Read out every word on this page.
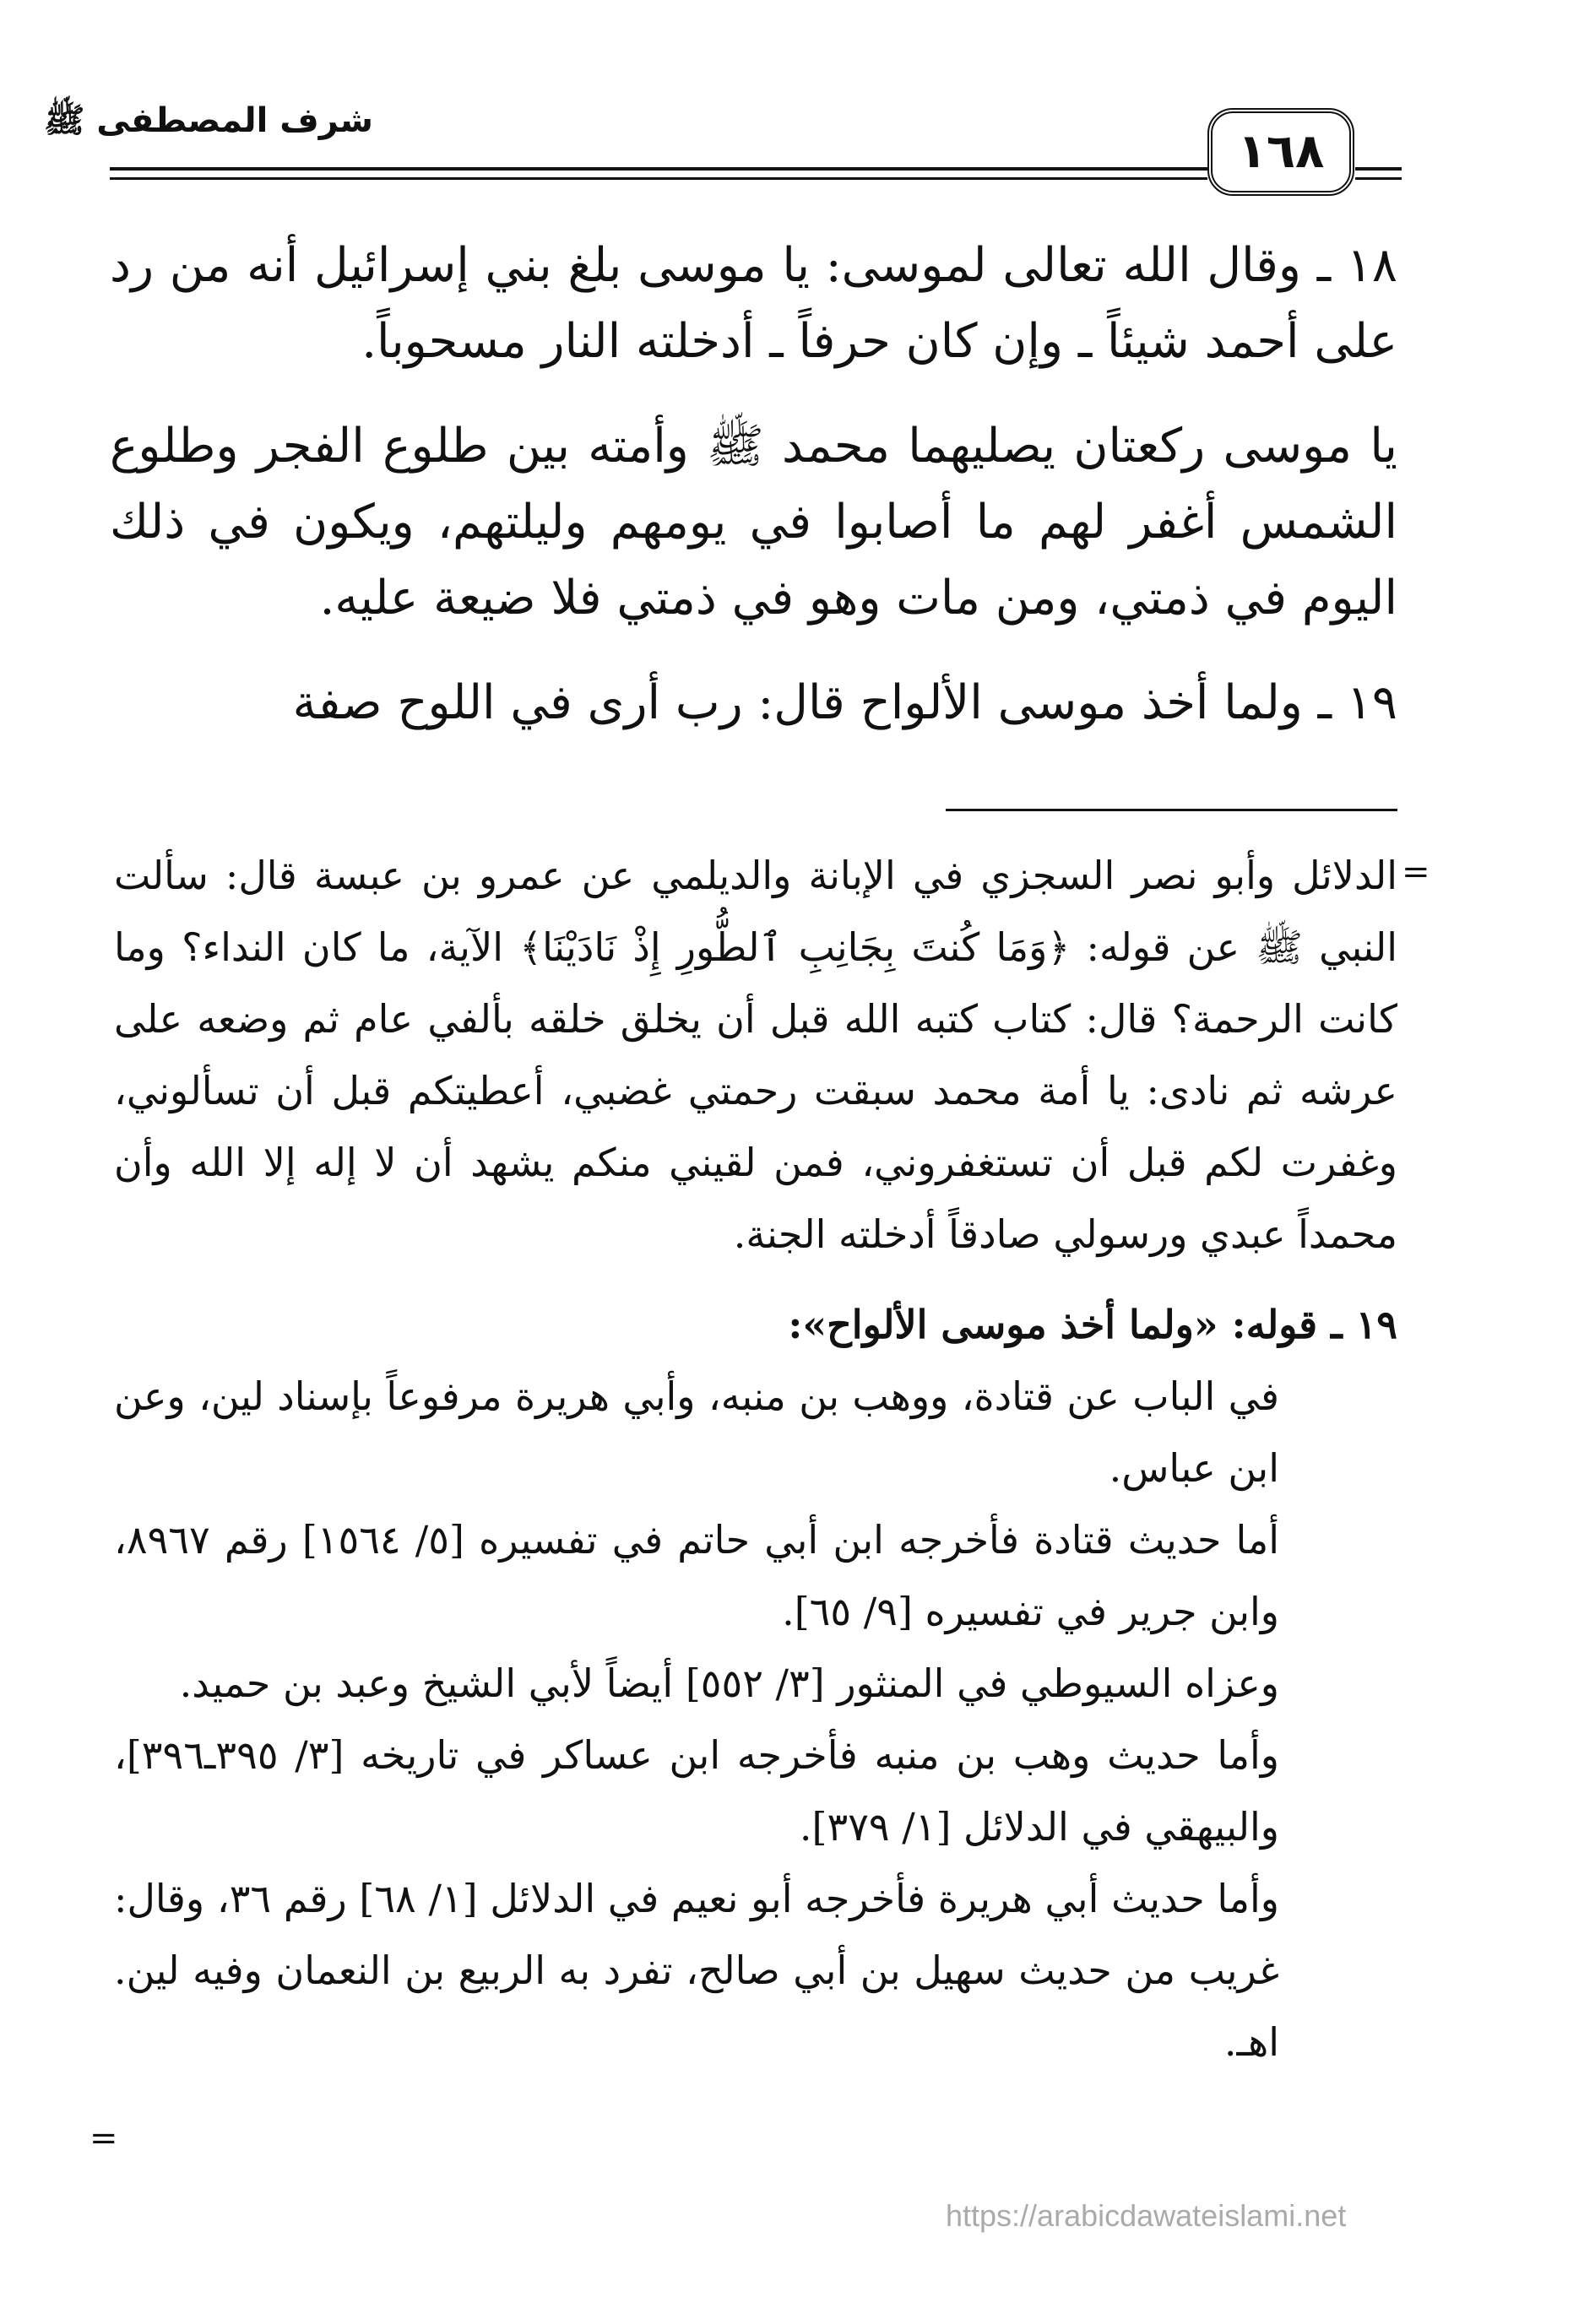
شرف المصطفى ﷺ
١٦٨

١٨ ـ وقال الله تعالى لموسى: يا موسى بلغ بني إسرائيل أنه من رد على أحمد شيئاً ـ وإن كان حرفاً ـ أدخلته النار مسحوباً.

يا موسى ركعتان يصليهما محمد ﷺ وأمته بين طلوع الفجر وطلوع الشمس أغفر لهم ما أصابوا في يومهم وليلتهم، ويكون في ذلك اليوم في ذمتي، ومن مات وهو في ذمتي فلا ضيعة عليه.

١٩ ـ ولما أخذ موسى الألواح قال: رب أرى في اللوح صفة

=

الدلائل وأبو نصر السجزي في الإبانة والديلمي عن عمرو بن عبسة قال: سألت النبي ﷺ عن قوله: ﴿وَمَا كُنتَ بِجَانِبِ ٱلطُّورِ إِذْ نَادَيْنَا﴾ الآية، ما كان النداء؟ وما كانت الرحمة؟ قال: كتاب كتبه الله قبل أن يخلق خلقه بألفي عام ثم وضعه على عرشه ثم نادى: يا أمة محمد سبقت رحمتي غضبي، أعطيتكم قبل أن تسألوني، وغفرت لكم قبل أن تستغفروني، فمن لقيني منكم يشهد أن لا إله إلا الله وأن محمداً عبدي ورسولي صادقاً أدخلته الجنة.

١٩ ـ قوله: «ولما أخذ موسى الألواح»:

في الباب عن قتادة، ووهب بن منبه، وأبي هريرة مرفوعاً بإسناد لين، وعن ابن عباس.

أما حديث قتادة فأخرجه ابن أبي حاتم في تفسيره [٥/ ١٥٦٤] رقم ٨٩٦٧، وابن جرير في تفسيره [٩/ ٦٥].

وعزاه السيوطي في المنثور [٣/ ٥٥٢] أيضاً لأبي الشيخ وعبد بن حميد.

وأما حديث وهب بن منبه فأخرجه ابن عساكر في تاريخه [٣/ ٣٩٥ـ٣٩٦]، والبيهقي في الدلائل [١/ ٣٧٩].

وأما حديث أبي هريرة فأخرجه أبو نعيم في الدلائل [١/ ٦٨] رقم ٣٦، وقال: غريب من حديث سهيل بن أبي صالح، تفرد به الربيع بن النعمان وفيه لين. اهـ.

=
https://arabicdawateislami.net
